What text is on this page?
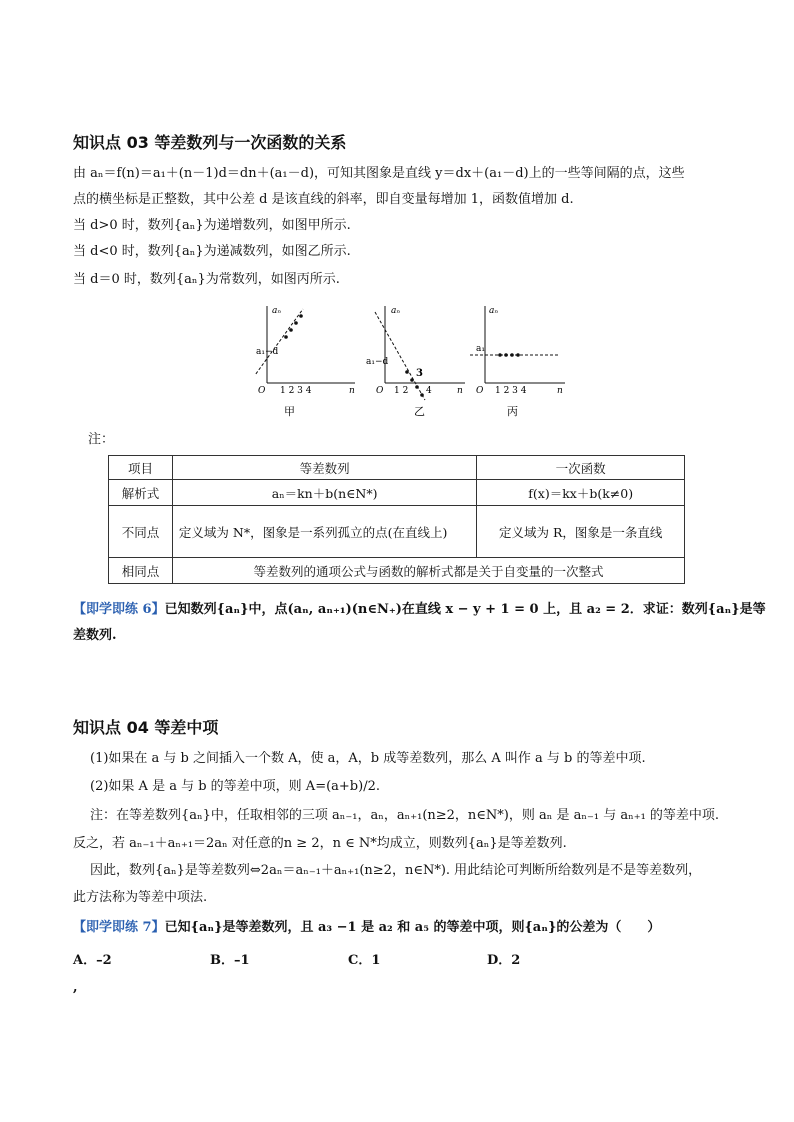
知识点 03 等差数列与一次函数的关系
由 aₙ＝f(n)＝a₁＋(n－1)d＝dn＋(a₁－d)，可知其图象是直线 y＝dx＋(a₁－d)上的一些等间隔的点，这些
点的横坐标是正整数，其中公差 d 是该直线的斜率，即自变量每增加 1，函数值增加 d.
当 d>0 时，数列{aₙ}为递增数列，如图甲所示.
当 d<0 时，数列{aₙ}为递减数列，如图乙所示.
当 d＝0 时，数列{aₙ}为常数列，如图丙所示.
aₙ
a₁−d
O 1 2 3 4	n
甲
aₙ
a₁−d
O 1 2
3
4	n
乙
aₙ
a₁
O 1 2 3 4	n
丙
注：
项目	等差数列	一次函数
解析式	aₙ＝kn＋b(n∈N*)	f(x)＝kx＋b(k≠0)
不同点	定义域为 N*，图象是一系列孤立的点(在直线上)	定义域为 R，图象是一条直线
相同点	等差数列的通项公式与函数的解析式都是关于自变量的一次整式	
【即学即练 6】已知数列{aₙ}中，点(aₙ, aₙ₊₁)(n∈N₊)在直线 x − y + 1 = 0 上，且 a₂ = 2．求证：数列{aₙ}是等
差数列.
知识点 04 等差中项
(1)如果在 a 与 b 之间插入一个数 A，使 a，A，b 成等差数列，那么 A 叫作 a 与 b 的等差中项.
(2)如果 A 是 a 与 b 的等差中项，则 A=(a+b)/2.
注：在等差数列{aₙ}中，任取相邻的三项 aₙ₋₁，aₙ，aₙ₊₁(n≥2，n∈N*)，则 aₙ 是 aₙ₋₁ 与 aₙ₊₁ 的等差中项.
反之，若 aₙ₋₁＋aₙ₊₁＝2aₙ 对任意的n ≥ 2，n ∈ N*均成立，则数列{aₙ}是等差数列.
因此，数列{aₙ}是等差数列⇔2aₙ＝aₙ₋₁＋aₙ₊₁(n≥2，n∈N*). 用此结论可判断所给数列是不是等差数列，
此方法称为等差中项法.
【即学即练 7】已知{aₙ}是等差数列，且 a₃ −1 是 a₂ 和 a₅ 的等差中项，则{aₙ}的公差为（　　）
A．–2	B．–1	C．1	D．2
,
